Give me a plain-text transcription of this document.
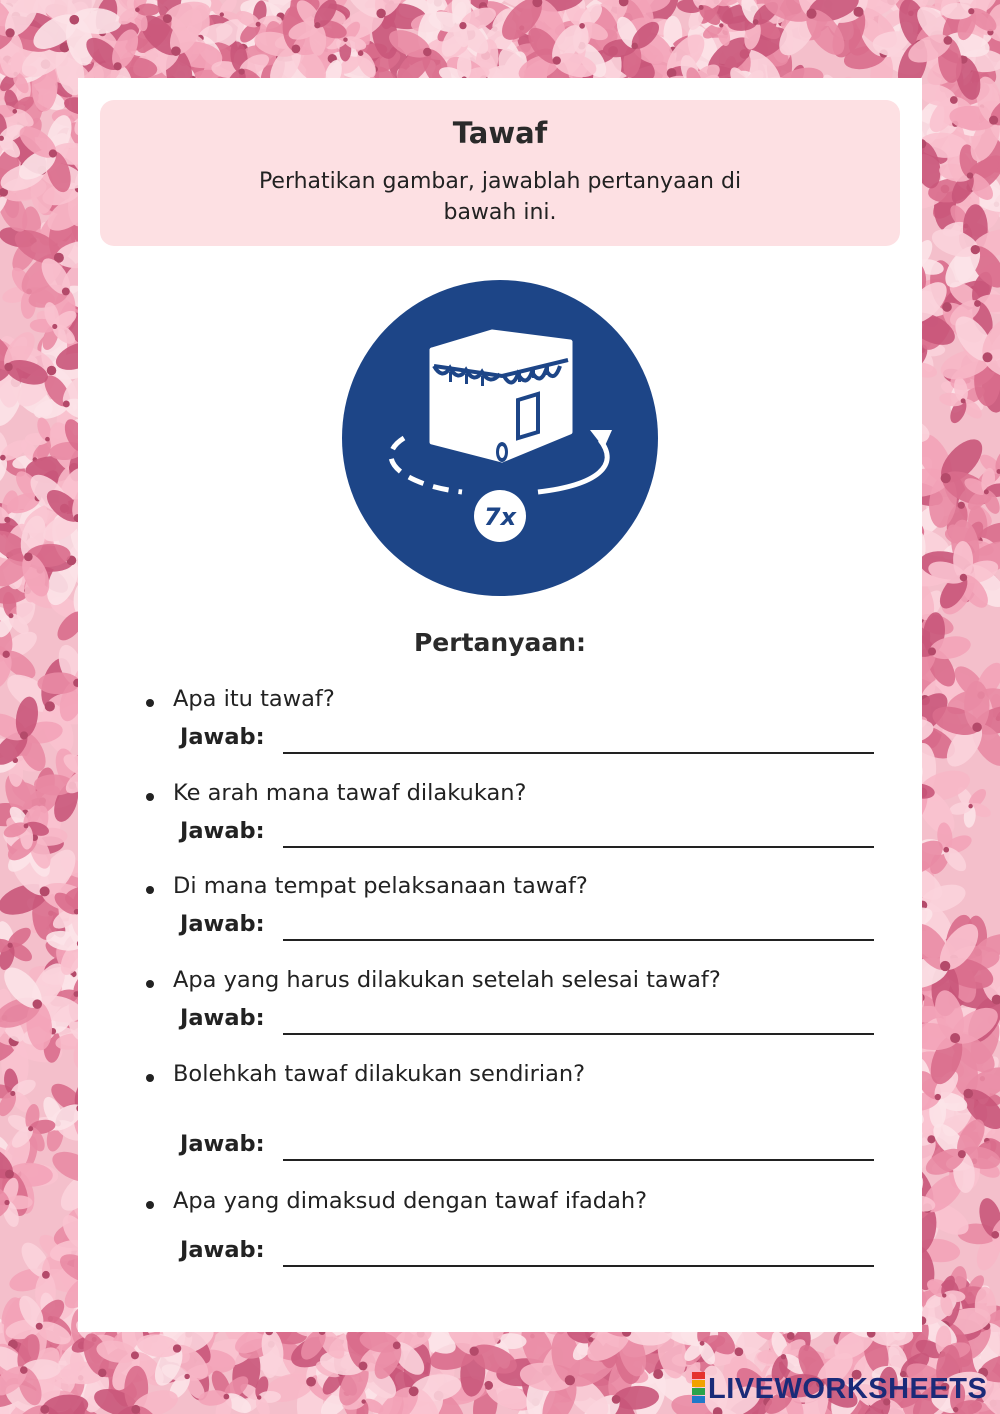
Tawaf
Perhatikan gambar, jawablah pertanyaan di bawah ini.
7x
Pertanyaan:
Apa itu tawaf?
Jawab:
Ke arah mana tawaf dilakukan?
Jawab:
Di mana tempat pelaksanaan tawaf?
Jawab:
Apa yang harus dilakukan setelah selesai tawaf?
Jawab:
Bolehkah tawaf dilakukan sendirian?
Jawab:
Apa yang dimaksud dengan tawaf ifadah?
Jawab:
LIVEWORKSHEETS
